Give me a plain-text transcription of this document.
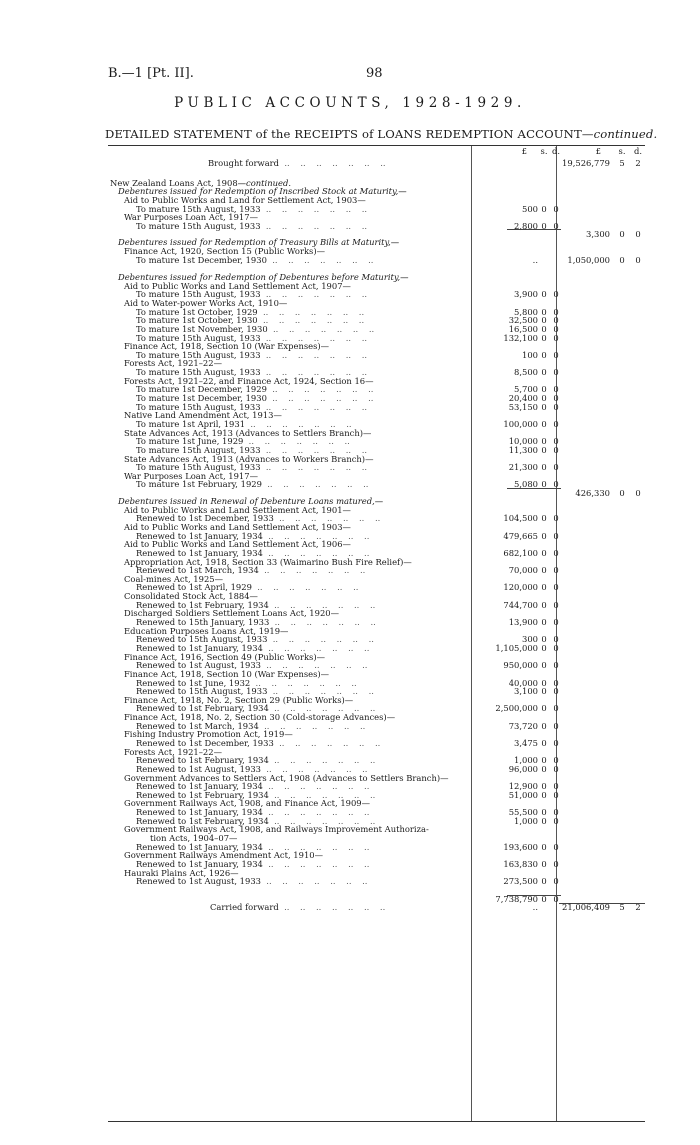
B.—1 [Pt. II].	98
PUBLIC ACCOUNTS, 1928-1929.
DETAILED STATEMENT of the RECEIPTS of LOANS REDEMPTION ACCOUNT—continued.
£ s. d.	£	s.	d.
Brought forward  ..    ..    ..    ..    ..    ..    ..	19,526,779	5	2
New Zealand Loans Act, 1908—continued.
Debentures issued for Redemption of Inscribed Stock at Maturity,—
Aid to Public Works and Land for Settlement Act, 1903—
To mature 15th August, 1933  ..    ..    ..    ..    ..    ..    ..	500 0 0
War Purposes Loan Act, 1917—
To mature 15th August, 1933  ..    ..    ..    ..    ..    ..    ..	2,800 0 0
3,300	0	0
Debentures issued for Redemption of Treasury Bills at Maturity,—
Finance Act, 1920, Section 15 (Public Works)—
To mature 1st December, 1930  ..    ..    ..    ..    ..    ..    ..	..	1,050,000	0	0
Debentures issued for Redemption of Debentures before Maturity,—
Aid to Public Works and Land Settlement Act, 1907—
To mature 15th August, 1933  ..    ..    ..    ..    ..    ..    ..	3,900 0 0
Aid to Water-power Works Act, 1910—
To mature 1st October, 1929  ..    ..    ..    ..    ..    ..    ..	5,800 0 0
To mature 1st October, 1930  ..    ..    ..    ..    ..    ..    ..	32,500 0 0
To mature 1st November, 1930  ..    ..    ..    ..    ..    ..    ..	16,500 0 0
To mature 15th August, 1933  ..    ..    ..    ..    ..    ..    ..	132,100 0 0
Finance Act, 1918, Section 10 (War Expenses)—
To mature 15th August, 1933  ..    ..    ..    ..    ..    ..    ..	100 0 0
Forests Act, 1921–22—
To mature 15th August, 1933  ..    ..    ..    ..    ..    ..    ..	8,500 0 0
Forests Act, 1921–22, and Finance Act, 1924, Section 16—
To mature 1st December, 1929  ..    ..    ..    ..    ..    ..    ..	5,700 0 0
To mature 1st December, 1930  ..    ..    ..    ..    ..    ..    ..	20,400 0 0
To mature 15th August, 1933  ..    ..    ..    ..    ..    ..    ..	53,150 0 0
Native Land Amendment Act, 1913—
To mature 1st April, 1931  ..    ..    ..    ..    ..    ..    ..	100,000 0 0
State Advances Act, 1913 (Advances to Settlers Branch)—
To mature 1st June, 1929  ..    ..    ..    ..    ..    ..    ..	10,000 0 0
To mature 15th August, 1933  ..    ..    ..    ..    ..    ..    ..	11,300 0 0
State Advances Act, 1913 (Advances to Workers Branch)—
To mature 15th August, 1933  ..    ..    ..    ..    ..    ..    ..	21,300 0 0
War Purposes Loan Act, 1917—
To mature 1st February, 1929  ..    ..    ..    ..    ..    ..    ..	5,080 0 0
426,330	0	0
Debentures issued in Renewal of Debenture Loans matured,—
Aid to Public Works and Land Settlement Act, 1901—
Renewed to 1st December, 1933  ..    ..    ..    ..    ..    ..    ..	104,500 0 0
Aid to Public Works and Land Settlement Act, 1903—
Renewed to 1st January, 1934  ..    ..    ..    ..    ..    ..    ..	479,665 0 0
Aid to Public Works and Land Settlement Act, 1906—
Renewed to 1st January, 1934  ..    ..    ..    ..    ..    ..    ..	682,100 0 0
Appropriation Act, 1918, Section 33 (Waimarino Bush Fire Relief)—
Renewed to 1st March, 1934  ..    ..    ..    ..    ..    ..    ..	70,000 0 0
Coal-mines Act, 1925—
Renewed to 1st April, 1929  ..    ..    ..    ..    ..    ..    ..	120,000 0 0
Consolidated Stock Act, 1884—
Renewed to 1st February, 1934  ..    ..    ..    ..    ..    ..    ..	744,700 0 0
Discharged Soldiers Settlement Loans Act, 1920—
Renewed to 15th January, 1933  ..    ..    ..    ..    ..    ..    ..	13,900 0 0
Education Purposes Loans Act, 1919—
Renewed to 15th August, 1933  ..    ..    ..    ..    ..    ..    ..	300 0 0
Renewed to 1st January, 1934  ..    ..    ..    ..    ..    ..    ..	1,105,000 0 0
Finance Act, 1916, Section 49 (Public Works)—
Renewed to 1st August, 1933  ..    ..    ..    ..    ..    ..    ..	950,000 0 0
Finance Act, 1918, Section 10 (War Expenses)—
Renewed to 1st June, 1932  ..    ..    ..    ..    ..    ..    ..	40,000 0 0
Renewed to 15th August, 1933  ..    ..    ..    ..    ..    ..    ..	3,100 0 0
Finance Act, 1918, No. 2, Section 29 (Public Works)—
Renewed to 1st February, 1934  ..    ..    ..    ..    ..    ..    ..	2,500,000 0 0
Finance Act, 1918, No. 2, Section 30 (Cold-storage Advances)—
Renewed to 1st March, 1934  ..    ..    ..    ..    ..    ..    ..	73,720 0 0
Fishing Industry Promotion Act, 1919—
Renewed to 1st December, 1933  ..    ..    ..    ..    ..    ..    ..	3,475 0 0
Forests Act, 1921–22—
Renewed to 1st February, 1934  ..    ..    ..    ..    ..    ..    ..	1,000 0 0
Renewed to 1st August, 1933  ..    ..    ..    ..    ..    ..    ..	96,000 0 0
Government Advances to Settlers Act, 1908 (Advances to Settlers Branch)—
Renewed to 1st January, 1934  ..    ..    ..    ..    ..    ..    ..	12,900 0 0
Renewed to 1st February, 1934  ..    ..    ..    ..    ..    ..    ..	51,000 0 0
Government Railways Act, 1908, and Finance Act, 1909—
Renewed to 1st January, 1934  ..    ..    ..    ..    ..    ..    ..	55,500 0 0
Renewed to 1st February, 1934  ..    ..    ..    ..    ..    ..    ..	1,000 0 0
Government Railways Act, 1908, and Railways Improvement Authoriza-
tion Acts, 1904–07—
Renewed to 1st January, 1934  ..    ..    ..    ..    ..    ..    ..	193,600 0 0
Government Railways Amendment Act, 1910—
Renewed to 1st January, 1934  ..    ..    ..    ..    ..    ..    ..	163,830 0 0
Hauraki Plains Act, 1926—
Renewed to 1st August, 1933  ..    ..    ..    ..    ..    ..    ..	273,500 0 0
7,738,790 0 0
Carried forward  ..    ..    ..    ..    ..    ..    ..	..	21,006,409	5	2
